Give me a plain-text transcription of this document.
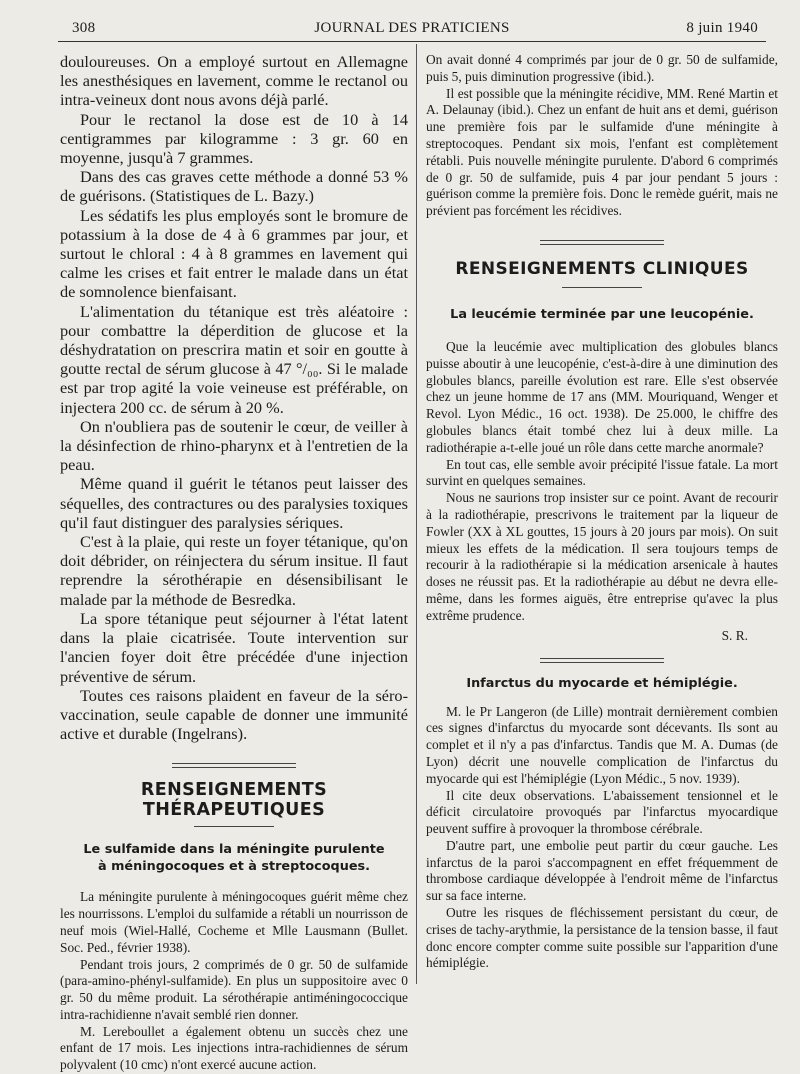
308	JOURNAL DES PRATICIENS	8 juin 1940

douloureuses. On a employé surtout en Allemagne les anesthésiques en lavement, comme le rectanol ou intra-veineux dont nous avons déjà parlé.

Pour le rectanol la dose est de 10 à 14 centigrammes par kilogramme : 3 gr. 60 en moyenne, jusqu'à 7 grammes.

Dans des cas graves cette méthode a donné 53 % de guérisons. (Statistiques de L. Bazy.)

Les sédatifs les plus employés sont le bromure de potassium à la dose de 4 à 6 grammes par jour, et surtout le chloral : 4 à 8 grammes en lavement qui calme les crises et fait entrer le malade dans un état de somnolence bienfaisant.

L'alimentation du tétanique est très aléatoire : pour combattre la déperdition de glucose et la déshydratation on prescrira matin et soir en goutte à goutte rectal de sérum glucose à 47 °/₀₀. Si le malade est par trop agité la voie veineuse est préférable, on injectera 200 cc. de sérum à 20 %.

On n'oubliera pas de soutenir le cœur, de veiller à la désinfection de rhino-pharynx et à l'entretien de la peau.

Même quand il guérit le tétanos peut laisser des séquelles, des contractures ou des paralysies toxiques qu'il faut distinguer des paralysies sériques.

C'est à la plaie, qui reste un foyer tétanique, qu'on doit débrider, on réinjectera du sérum insitue. Il faut reprendre la sérothérapie en désensibilisant le malade par la méthode de Besredka.

La spore tétanique peut séjourner à l'état latent dans la plaie cicatrisée. Toute intervention sur l'ancien foyer doit être précédée d'une injection préventive de sérum.

Toutes ces raisons plaident en faveur de la séro-vaccination, seule capable de donner une immunité active et durable (Ingelrans).

RENSEIGNEMENTS THÉRAPEUTIQUES
Le sulfamide dans la méningite purulente
à méningocoques et à streptocoques.

La méningite purulente à méningocoques guérit même chez les nourrissons. L'emploi du sulfamide a rétabli un nourrisson de neuf mois (Wiel-Hallé, Cocheme et Mlle Lausmann (Bullet. Soc. Ped., février 1938).

Pendant trois jours, 2 comprimés de 0 gr. 50 de sulfamide (para-amino-phényl-sulfamide). En plus un suppositoire avec 0 gr. 50 du même produit. La sérothérapie antiméningococcique intra-rachidienne n'avait semblé rien donner.

M. Lereboullet a également obtenu un succès chez une enfant de 17 mois. Les injections intra-rachidiennes de sérum polyvalent (10 cmc) n'ont exercé aucune action.

On avait donné 4 comprimés par jour de 0 gr. 50 de sulfamide, puis 5, puis diminution progressive (ibid.).

Il est possible que la méningite récidive, MM. René Martin et A. Delaunay (ibid.). Chez un enfant de huit ans et demi, guérison une première fois par le sulfamide d'une méningite à streptocoques. Pendant six mois, l'enfant est complètement rétabli. Puis nouvelle méningite purulente. D'abord 6 comprimés de 0 gr. 50 de sulfamide, puis 4 par jour pendant 5 jours : guérison comme la première fois. Donc le remède guérit, mais ne prévient pas forcément les récidives.

RENSEIGNEMENTS CLINIQUES
La leucémie terminée par une leucopénie.

Que la leucémie avec multiplication des globules blancs puisse aboutir à une leucopénie, c'est-à-dire à une diminution des globules blancs, pareille évolution est rare. Elle s'est observée chez un jeune homme de 17 ans (MM. Mouriquand, Wenger et Revol. Lyon Médic., 16 oct. 1938). De 25.000, le chiffre des globules blancs était tombé chez lui à deux mille. La radiothérapie a-t-elle joué un rôle dans cette marche anormale?

En tout cas, elle semble avoir précipité l'issue fatale. La mort survint en quelques semaines.

Nous ne saurions trop insister sur ce point. Avant de recourir à la radiothérapie, prescrivons le traitement par la liqueur de Fowler (XX à XL gouttes, 15 jours à 20 jours par mois). On suit mieux les effets de la médication. Il sera toujours temps de recourir à la radiothérapie si la médication arsenicale à hautes doses ne réussit pas. Et la radiothérapie au début ne devra elle-même, dans les formes aiguës, être entreprise qu'avec la plus extrême prudence.

S. R.
Infarctus du myocarde et hémiplégie.

M. le Pr Langeron (de Lille) montrait dernièrement combien ces signes d'infarctus du myocarde sont décevants. Ils sont au complet et il n'y a pas d'infarctus. Tandis que M. A. Dumas (de Lyon) décrit une nouvelle complication de l'infarctus du myocarde qui est l'hémiplégie (Lyon Médic., 5 nov. 1939).

Il cite deux observations. L'abaissement tensionnel et le déficit circulatoire provoqués par l'infarctus myocardique peuvent suffire à provoquer la thrombose cérébrale.

D'autre part, une embolie peut partir du cœur gauche. Les infarctus de la paroi s'accompagnent en effet fréquemment de thrombose cardiaque développée à l'endroit même de l'infarctus sur sa face interne.

Outre les risques de fléchissement persistant du cœur, de crises de tachy-arythmie, la persistance de la tension basse, il faut donc encore compter comme suite possible sur l'apparition d'une hémiplégie.
